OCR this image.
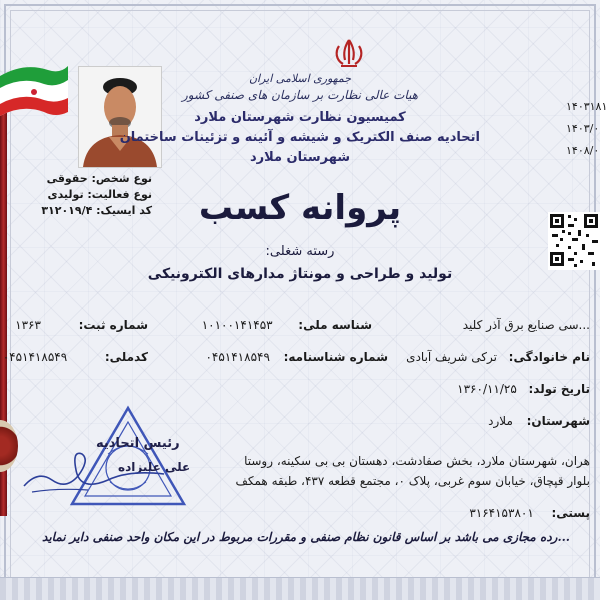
جمهوری اسلامی ایران
هیات عالی نظارت بر سازمان های صنفی کشور
کمیسیون نظارت شهرستان ملارد
اتحادیه صنف الکتریک و شیشه و آئینه و تزئینات ساختمان
شهرستان ملارد
پروانه کسب
رسته شغلی:
تولید و طراحی و مونتاژ مدارهای الکترونیکی
۱۴۰۳۱۸۱
۱۴۰۳/۰
۱۴۰۸/۰
نوع شخص: حقوقی
نوع فعالیت: تولیدی
کد ایسیک: ۳۱۲۰۱۹/۴
شماره ثبت:  ۱۳۶۳	شناسه ملی:  ۱۰۱۰۰۱۴۱۴۵۳	...سی صنایع برق آذر کلید
کدملی:  ۰۴۵۱۴۱۸۵۴۹	شماره شناسنامه:  ۰۴۵۱۴۱۸۵۴۹	نام خانوادگی:  ترکی شریف آبادی
تاریخ تولد:  ۱۳۶۰/۱۱/۲۵
شهرستان:  ملارد
هران، شهرستان ملارد، بخش صفادشت، دهستان بی بی سکینه، روستا
بلوار قپچاق، خیابان سوم غربی، پلاک ۰، مجتمع قطعه ۴۳۷، طبقه همکف
پستی:  ۳۱۶۴۱۵۳۸۰۱
رئیس اتحادیه
علی علیزاده
...رده مجازی می باشد بر اساس قانون نظام صنفی و مقررات مربوط در این مکان واحد صنفی دایر نماید
